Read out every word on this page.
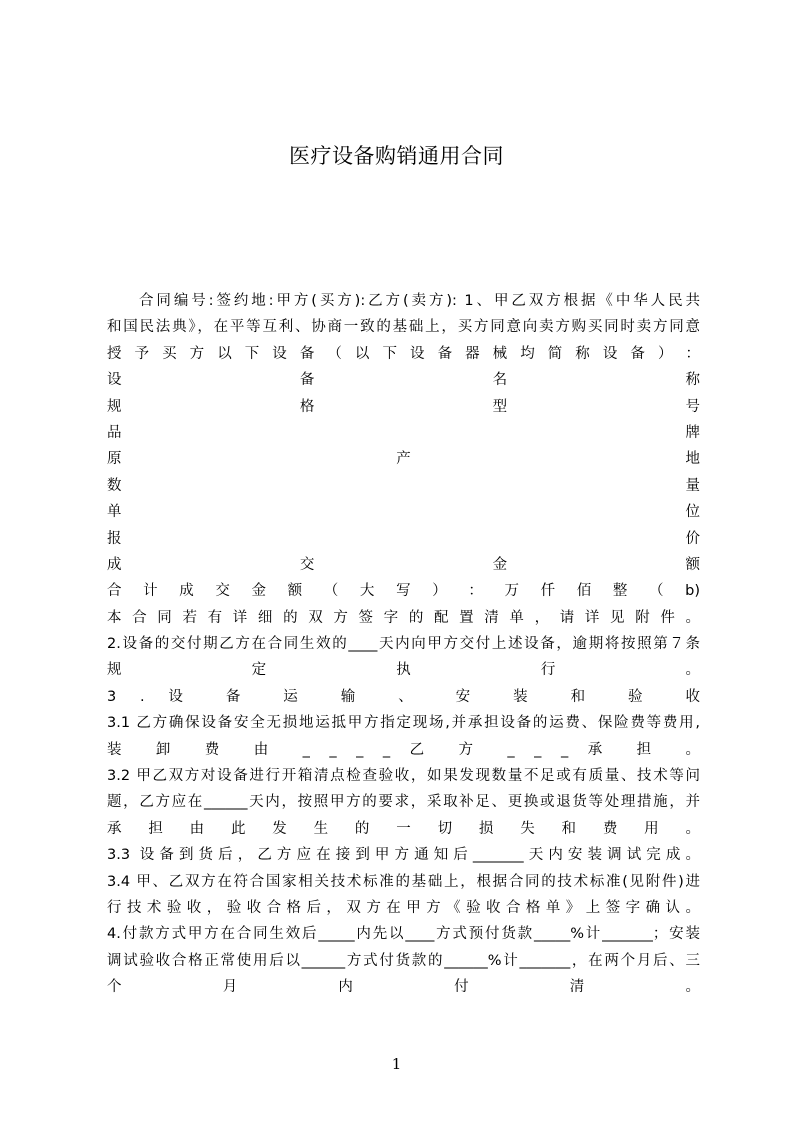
医疗设备购销通用合同
合同编号:签约地:甲方(买方):乙方(卖方): 1、甲乙双方根据《中华人民共
和国民法典》，在平等互利、协商一致的基础上，买方同意向卖方购买同时卖方同意
授 予 买 方 以 下 设 备 （ 以 下 设 备 器 械 均 简 称 设 备 ） ：
设 备 名 称
规 格 型 号
品 牌
原 产 地
数 量
单 位
报 价
成 交 金 额
合 计 成 交 金 额 （ 大 写 ） ： 万 仟 佰 整 （ b)
本 合 同 若 有 详 细 的 双 方 签 字 的 配 置 清 单 ， 请 详 见 附 件 。
2.设备的交付期乙方在合同生效的____天内向甲方交付上述设备，逾期将按照第７条
规 定 执 行 。
3 . 设 备 运 输 、 安 装 和 验 收
3.1 乙方确保设备安全无损地运抵甲方指定现场,并承担设备的运费、保险费等费用,
装 卸 费 由 _ _ _ _ 乙 方 _ _ _ 承 担 。
3.2 甲乙双方对设备进行开箱清点检查验收，如果发现数量不足或有质量、技术等问
题，乙方应在______天内，按照甲方的要求，采取补足、更换或退货等处理措施，并
承 担 由 此 发 生 的 一 切 损 失 和 费 用 。
3.3 设备到货后，乙方应在接到甲方通知后_______天内安装调试完成。
3.4 甲、乙双方在符合国家相关技术标准的基础上，根据合同的技术标准(见附件)进
行 技 术 验 收 ， 验 收 合 格 后 ， 双 方 在 甲 方 《 验 收 合 格 单 》 上 签 字 确 认 。
4.付款方式甲方在合同生效后_____内先以____方式预付货款_____%计_______；安装
调试验收合格正常使用后以______方式付货款的______%计_______，在两个月后、三
个 月 内 付 清 。
1
